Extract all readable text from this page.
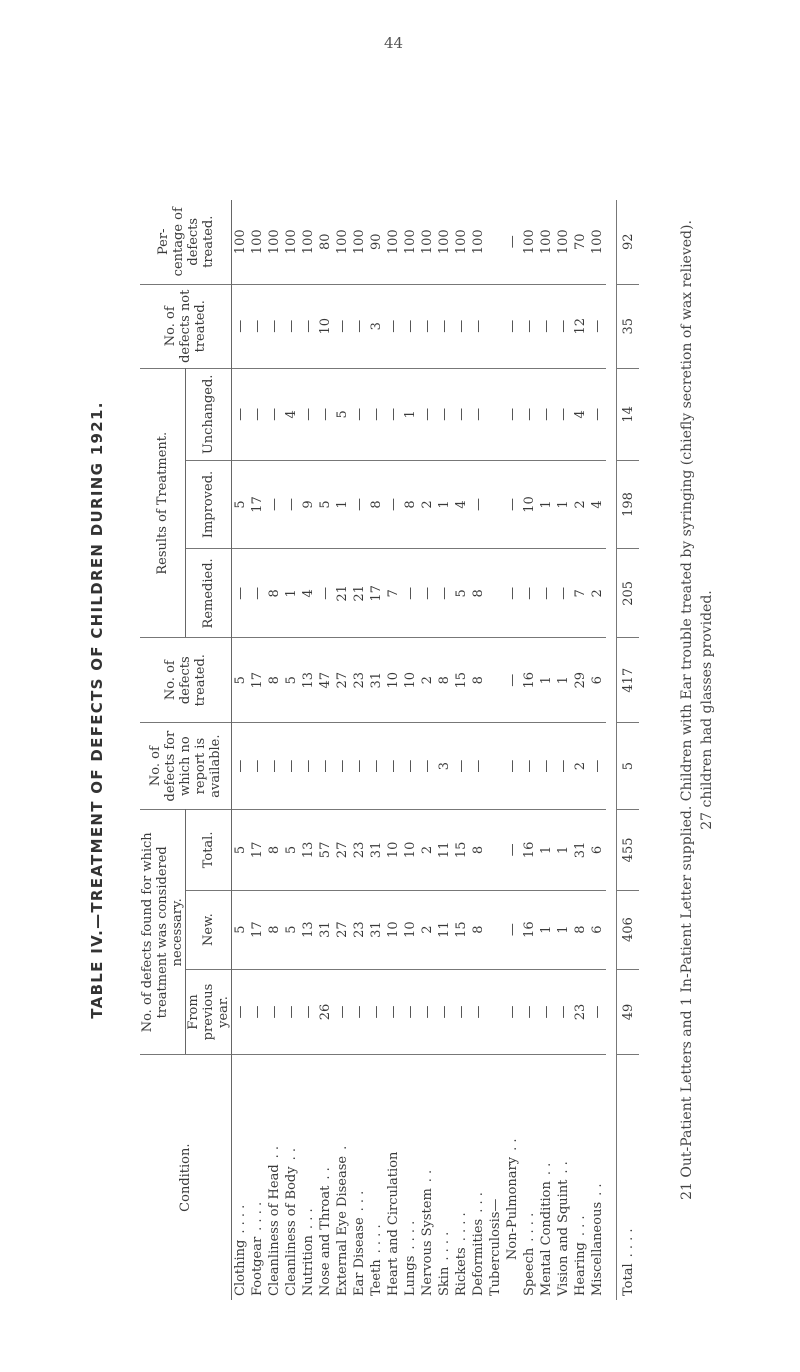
44
TABLE IV.—TREATMENT OF DEFECTS OF CHILDREN DURING 1921.
Condition.	No. of defects found for which treatment was considered necessary.			No. of defects for which no report is available.	No. of defects treated.	Results of Treatment.			No. of defects not treated.	Per-centage of defects treated.
	From previous year.	New.	Total.			Remedied.	Improved.	Unchanged.		
Clothing. . . .	—	5	5	—	5	—	5	—	—	100
Footgear. . . .	—	17	17	—	17	—	17	—	—	100
Cleanliness of Head. .	—	8	8	—	8	8	—	—	—	100
Cleanliness of Body. .	—	5	5	—	5	1	—	4	—	100
Nutrition. . .	—	13	13	—	13	4	9	—	—	100
Nose and Throat. .	26	31	57	—	47	—	5	—	10	80
External Eye Disease.	—	27	27	—	27	21	1	5	—	100
Ear Disease. . .	—	23	23	—	23	21	—	—	—	100
Teeth. . . .	—	31	31	—	31	17	8	—	3	90
Heart and Circulation	—	10	10	—	10	7	—	—	—	100
Lungs. . . .	—	10	10	—	10	—	8	1	—	100
Nervous System. .	—	2	2	—	2	—	2	—	—	100
Skin. . . .	—	11	11	3	8	—	1	—	—	100
Rickets. . . .	—	15	15	—	15	5	4	—	—	100
Deformities. . .	—	8	8	—	8	8	—	—	—	100
Tuberculosis—										
Non-Pulmonary. .	—	—	—	—	—	—	—	—	—	—
Speech. . . .	—	16	16	—	16	—	10	—	—	100
Mental Condition. .	—	1	1	—	1	—	1	—	—	100
Vision and Squint. .	—	1	1	—	1	—	1	—	—	100
Hearing. . .	23	8	31	2	29	7	2	4	12	70
Miscellaneous. .	—	6	6	—	6	2	4	—	—	100

Total. . . .	49	406	455	5	417	205	198	14	35	92	21 Out-Patient Letters and 1 In-Patient Letter supplied. Children with Ear trouble treated by syringing (chiefly secretion of wax relieved). 27 children had glasses provided.
